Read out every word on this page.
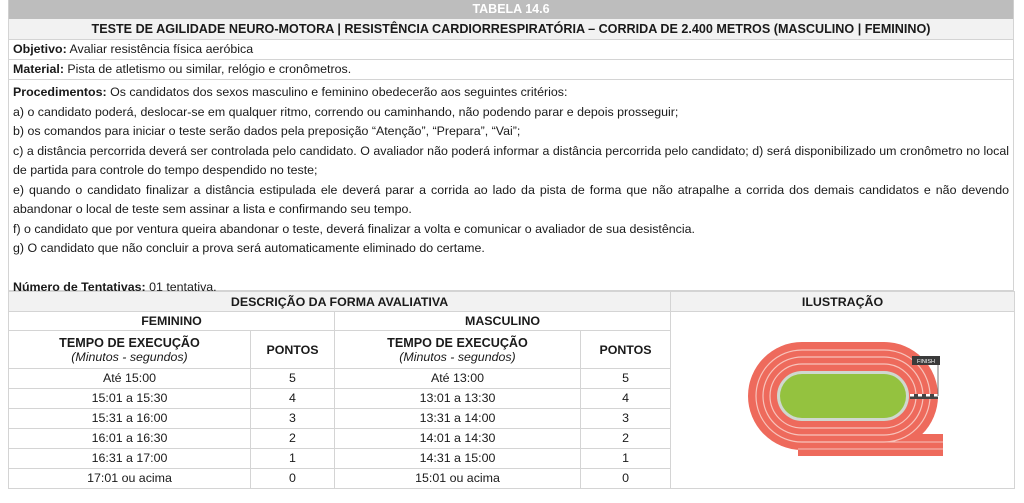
TABELA 14.6
TESTE DE AGILIDADE NEURO-MOTORA | RESISTÊNCIA CARDIORRESPIRATÓRIA – CORRIDA DE 2.400 METROS (MASCULINO | FEMININO)
Objetivo: Avaliar resistência física aeróbica
Material: Pista de atletismo ou similar, relógio e cronômetros.

Procedimentos: Os candidatos dos sexos masculino e feminino obedecerão aos seguintes critérios:

a) o candidato poderá, deslocar-se em qualquer ritmo, correndo ou caminhando, não podendo parar e depois prosseguir;

b) os comandos para iniciar o teste serão dados pela preposição “Atenção”, “Prepara”, “Vai”;

c) a distância percorrida deverá ser controlada pelo candidato. O avaliador não poderá informar a distância percorrida pelo candidato; d) será disponibilizado um cronômetro no local de partida para controle do tempo despendido no teste;

e) quando o candidato finalizar a distância estipulada ele deverá parar a corrida ao lado da pista de forma que não atrapalhe a corrida dos demais candidatos e não devendo abandonar o local de teste sem assinar a lista e confirmando seu tempo.

f) o candidato que por ventura queira abandonar o teste, deverá finalizar a volta e comunicar o avaliador de sua desistência.

g) O candidato que não concluir a prova será automaticamente eliminado do certame.

Número de Tentativas: 01 tentativa.

DESCRIÇÃO DA FORMA AVALIATIVA				ILUSTRAÇÃO
FEMININO		MASCULINO		FINISH

TEMPO DE EXECUÇÃO
(Minutos - segundos)	PONTOS	TEMPO DE EXECUÇÃO
(Minutos - segundos)	PONTOS
Até 15:00	5	Até 13:00	5	
15:01 a 15:30	4	13:01 a 13:30	4	
15:31 a 16:00	3	13:31 a 14:00	3	
16:01 a 16:30	2	14:01 a 14:30	2	
16:31 a 17:00	1	14:31 a 15:00	1	
17:01 ou acima	0	15:01 ou acima	0	
